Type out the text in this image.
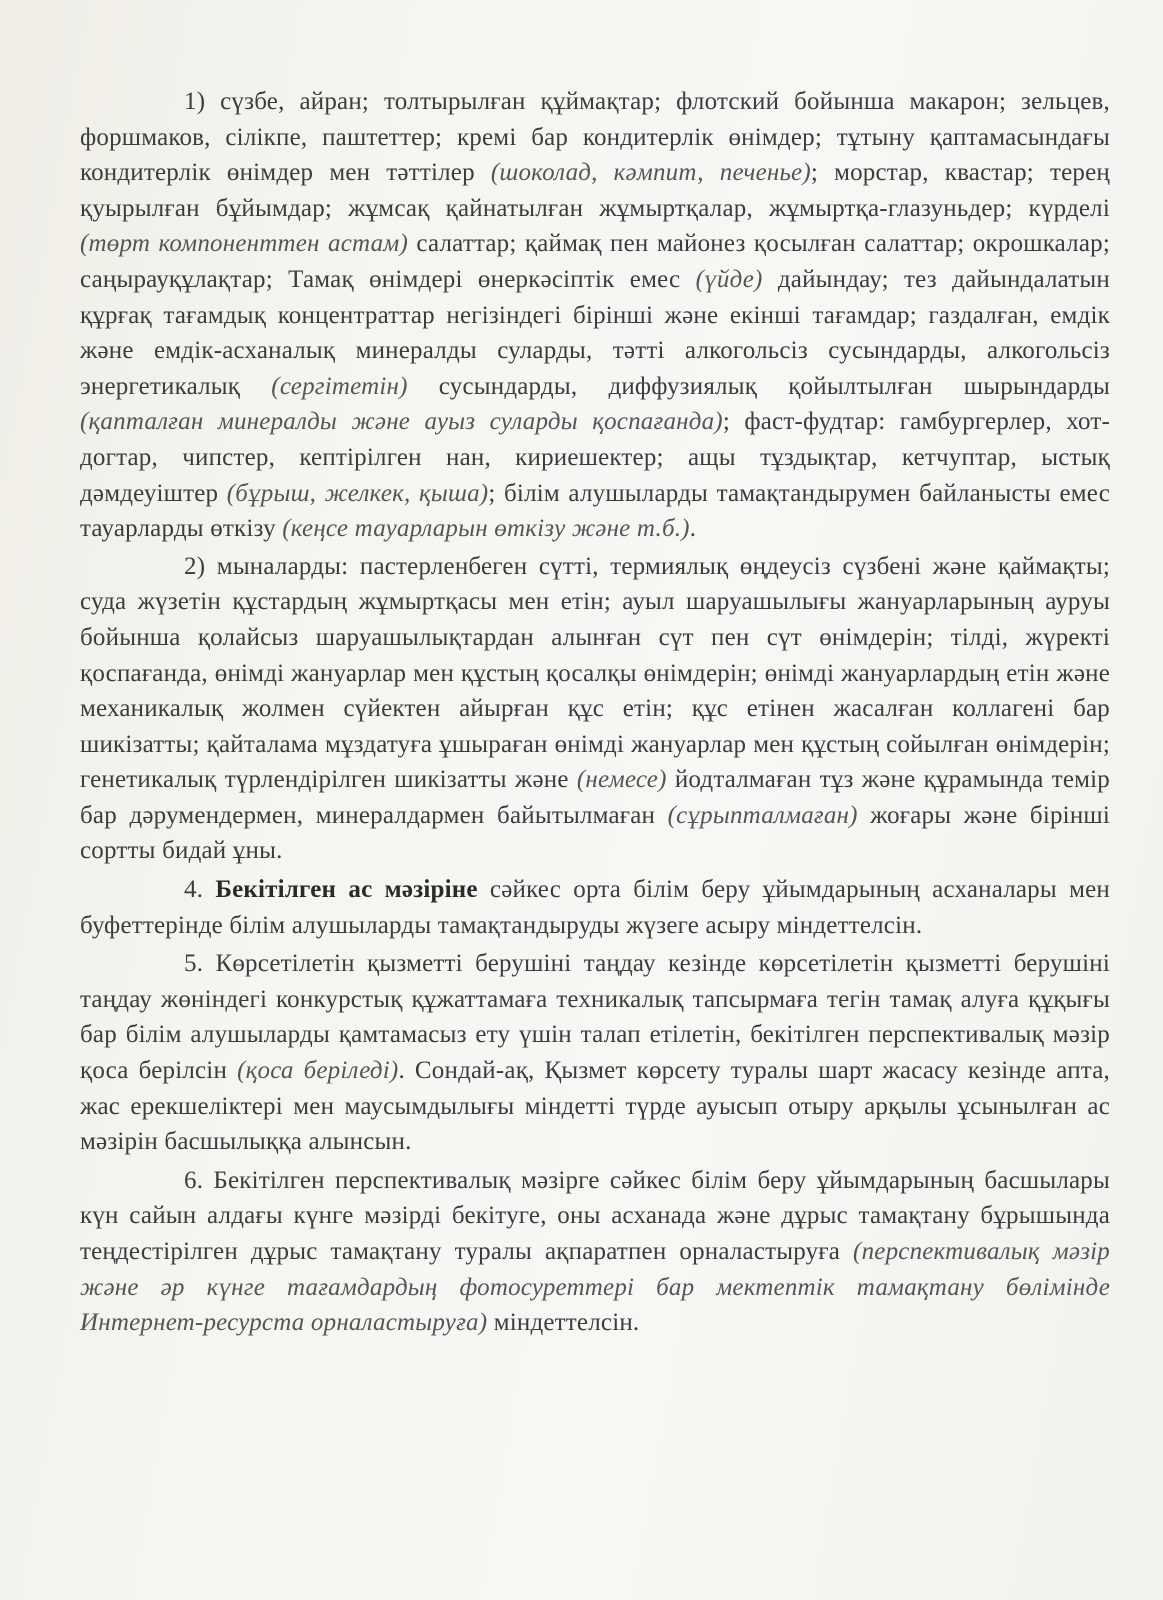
1) сүзбе, айран; толтырылған құймақтар; флотский бойынша макарон; зельцев, форшмаков, сілікпе, паштеттер; кремі бар кондитерлік өнімдер; тұтыну қаптамасындағы кондитерлік өнімдер мен тәттілер (шоколад, кәмпит, печенье); морстар, квастар; терең қуырылған бұйымдар; жұмсақ қайнатылған жұмыртқалар, жұмыртқа-глазуньдер; күрделі (төрт компоненттен астам) салаттар; қаймақ пен майонез қосылған салаттар; окрошкалар; саңырауқұлақтар; Тамақ өнімдері өнеркәсіптік емес (үйде) дайындау; тез дайындалатын құрғақ тағамдық концентраттар негізіндегі бірінші және екінші тағамдар; газдалған, емдік және емдік-асханалық минералды суларды, тәтті алкогольсіз сусындарды, алкогольсіз энергетикалық (сергітетін) сусындарды, диффузиялық қойылтылған шырындарды (қапталған минералды және ауыз суларды қоспағанда); фаст-фудтар: гамбургерлер, хот-догтар, чипстер, кептірілген нан, кириешектер; ащы тұздықтар, кетчуптар, ыстық дәмдеуіштер (бұрыш, желкек, қыша); білім алушыларды тамақтандырумен байланысты емес тауарларды өткізу (кеңсе тауарларын өткізу және т.б.).

2) мыналарды: пастерленбеген сүтті, термиялық өңдеусіз сүзбені және қаймақты; суда жүзетін құстардың жұмыртқасы мен етін; ауыл шаруашылығы жануарларының ауруы бойынша қолайсыз шаруашылықтардан алынған сүт пен сүт өнімдерін; тілді, жүректі қоспағанда, өнімді жануарлар мен құстың қосалқы өнімдерін; өнімді жануарлардың етін және механикалық жолмен сүйектен айырған құс етін; құс етінен жасалған коллагені бар шикізатты; қайталама мұздатуға ұшыраған өнімді жануарлар мен құстың сойылған өнімдерін; генетикалық түрлендірілген шикізатты және (немесе) йодталмаған тұз және құрамында темір бар дәрумендермен, минералдармен байытылмаған (сұрыпталмаған) жоғары және бірінші сортты бидай ұны.

4. Бекітілген ас мәзіріне сәйкес орта білім беру ұйымдарының асханалары мен буфеттерінде білім алушыларды тамақтандыруды жүзеге асыру міндеттелсін.

5. Көрсетілетін қызметті берушіні таңдау кезінде көрсетілетін қызметті берушіні таңдау жөніндегі конкурстық құжаттамаға техникалық тапсырмаға тегін тамақ алуға құқығы бар білім алушыларды қамтамасыз ету үшін талап етілетін, бекітілген перспективалық мәзір қоса берілсін (қоса беріледі). Сондай-ақ, Қызмет көрсету туралы шарт жасасу кезінде апта, жас ерекшеліктері мен маусымдылығы міндетті түрде ауысып отыру арқылы ұсынылған ас мәзірін басшылыққа алынсын.

6. Бекітілген перспективалық мәзірге сәйкес білім беру ұйымдарының басшылары күн сайын алдағы күнге мәзірді бекітуге, оны асханада және дұрыс тамақтану бұрышында теңдестірілген дұрыс тамақтану туралы ақпаратпен орналастыруға (перспективалық мәзір және әр күнге тағамдардың фотосуреттері бар мектептік тамақтану бөлімінде Интернет-ресурста орналастыруға) міндеттелсін.
